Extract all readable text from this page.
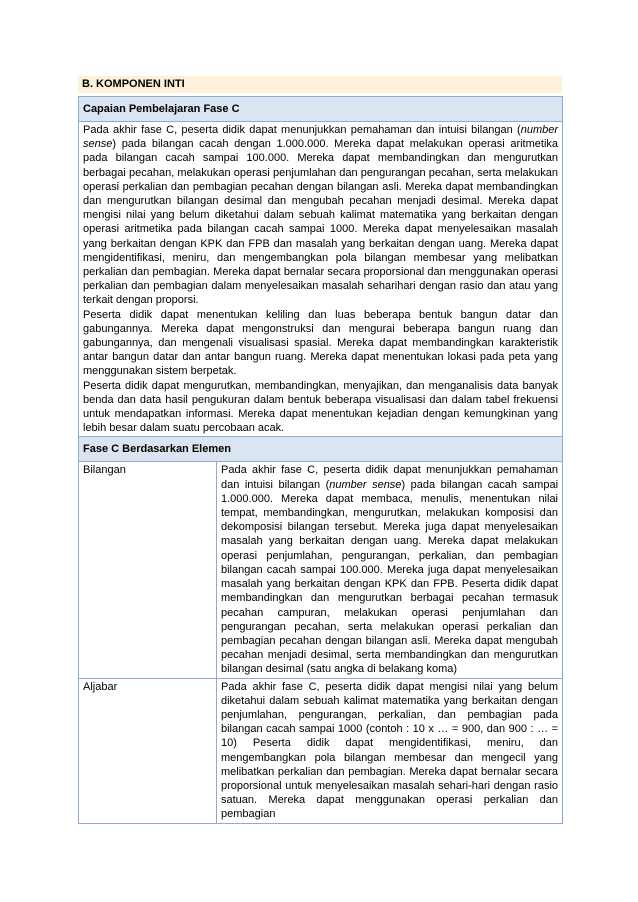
B. KOMPONEN INTI
Capaian Pembelajaran Fase C	

Pada akhir fase C, peserta didik dapat menunjukkan pemahaman dan intuisi bilangan (number sense) pada bilangan cacah dengan 1.000.000. Mereka dapat melakukan operasi aritmetika pada bilangan cacah sampai 100.000. Mereka dapat membandingkan dan mengurutkan berbagai pecahan, melakukan operasi penjumlahan dan pengurangan pecahan, serta melakukan operasi perkalian dan pembagian pecahan dengan bilangan asli. Mereka dapat membandingkan dan mengurutkan bilangan desimal dan mengubah pecahan menjadi desimal. Mereka dapat mengisi nilai yang belum diketahui dalam sebuah kalimat matematika yang berkaitan dengan operasi aritmetika pada bilangan cacah sampai 1000. Mereka dapat menyelesaikan masalah yang berkaitan dengan KPK dan FPB dan masalah yang berkaitan dengan uang. Mereka dapat mengidentifikasi, meniru, dan mengembangkan pola bilangan membesar yang melibatkan perkalian dan pembagian. Mereka dapat bernalar secara proporsional dan menggunakan operasi perkalian dan pembagian dalam menyelesaikan masalah seharihari dengan rasio dan atau yang terkait dengan proporsi.

Peserta didik dapat menentukan keliling dan luas beberapa bentuk bangun datar dan gabungannya. Mereka dapat mengonstruksi dan mengurai beberapa bangun ruang dan gabungannya, dan mengenali visualisasi spasial. Mereka dapat membandingkan karakteristik antar bangun datar dan antar bangun ruang. Mereka dapat menentukan lokasi pada peta yang menggunakan sistem berpetak.

Peserta didik dapat mengurutkan, membandingkan, menyajikan, dan menganalisis data banyak benda dan data hasil pengukuran dalam bentuk beberapa visualisasi dan dalam tabel frekuensi untuk mendapatkan informasi. Mereka dapat menentukan kejadian dengan kemungkinan yang lebih besar dalam suatu percobaan acak.	

Fase C Berdasarkan Elemen	
Bilangan	Pada akhir fase C, peserta didik dapat menunjukkan pemahaman dan intuisi bilangan (number sense) pada bilangan cacah sampai 1.000.000. Mereka dapat membaca, menulis, menentukan nilai tempat, membandingkan, mengurutkan, melakukan komposisi dan dekomposisi bilangan tersebut. Mereka juga dapat menyelesaikan masalah yang berkaitan dengan uang. Mereka dapat melakukan operasi penjumlahan, pengurangan, perkalian, dan pembagian bilangan cacah sampai 100.000. Mereka juga dapat menyelesaikan masalah yang berkaitan dengan KPK dan FPB. Peserta didik dapat membandingkan dan mengurutkan berbagai pecahan termasuk pecahan campuran, melakukan operasi penjumlahan dan pengurangan pecahan, serta melakukan operasi perkalian dan pembagian pecahan dengan bilangan asli. Mereka dapat mengubah pecahan menjadi desimal, serta membandingkan dan mengurutkan bilangan desimal (satu angka di belakang koma)

Aljabar	Pada akhir fase C, peserta didik dapat mengisi nilai yang belum diketahui dalam sebuah kalimat matematika yang berkaitan dengan penjumlahan, pengurangan, perkalian, dan pembagian pada bilangan cacah sampai 1000 (contoh : 10 x … = 900, dan 900 : … = 10) Peserta didik dapat mengidentifikasi, meniru, dan mengembangkan pola bilangan membesar dan mengecil yang melibatkan perkalian dan pembagian. Mereka dapat bernalar secara proporsional untuk menyelesaikan masalah sehari-hari dengan rasio satuan. Mereka dapat menggunakan operasi perkalian dan pembagian
